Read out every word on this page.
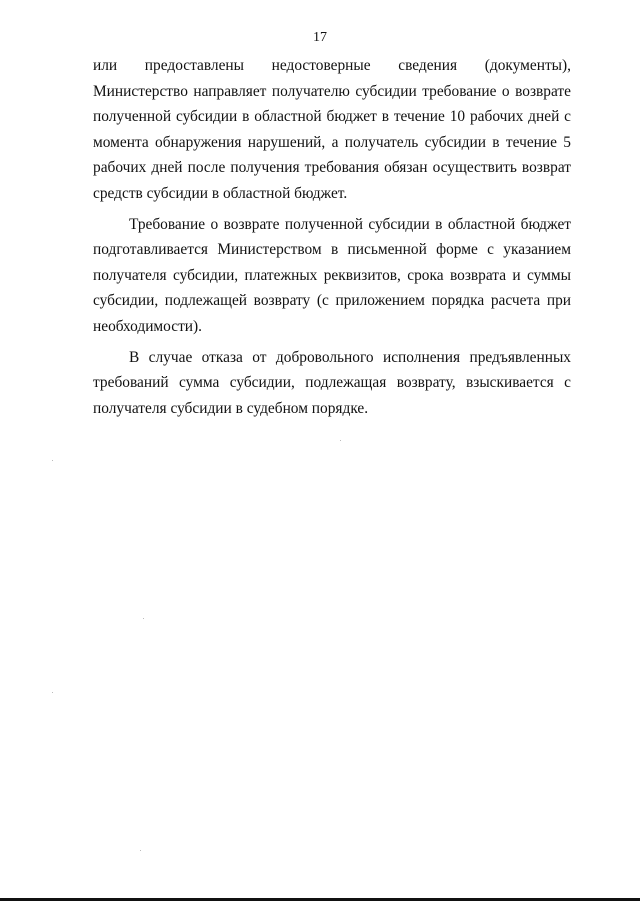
17

или предоставлены недостоверные сведения (документы), Министерство направляет получателю субсидии требование о возврате полученной субсидии в областной бюджет в течение 10 рабочих дней с момента обнаружения нарушений, а получатель субсидии в течение 5 рабочих дней после получения требования обязан осуществить возврат средств субсидии в областной бюджет.

Требование о возврате полученной субсидии в областной бюджет подготавливается Министерством в письменной форме с указанием получателя субсидии, платежных реквизитов, срока возврата и суммы субсидии, подлежащей возврату (с приложением порядка расчета при необходимости).

В случае отказа от добровольного исполнения предъявленных требований сумма субсидии, подлежащая возврату, взыскивается с получателя субсидии в судебном порядке.
